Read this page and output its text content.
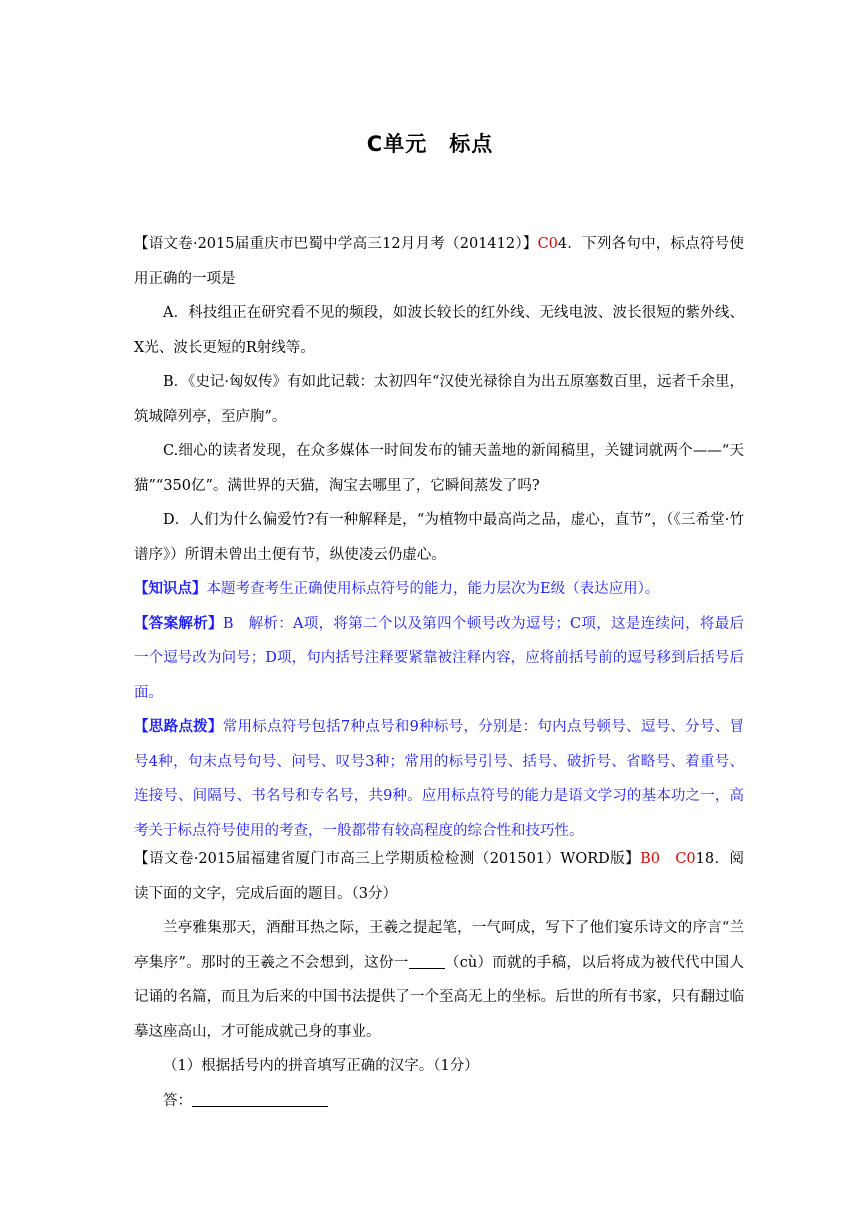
C单元　标点

【语文卷·2015届重庆市巴蜀中学高三12月月考（201412）】C04．下列各句中，标点符号使用正确的一项是

A．科技组正在研究看不见的频段，如波长较长的红外线、无线电波、波长很短的紫外线、X光、波长更短的R射线等。

B．《史记·匈奴传》有如此记载：太初四年“汉使光禄徐自为出五原塞数百里，远者千余里，筑城障列亭，至庐朐”。

C.细心的读者发现，在众多媒体一时间发布的铺天盖地的新闻稿里，关键词就两个——“天猫”“350亿”。满世界的天猫，淘宝去哪里了，它瞬间蒸发了吗?

D．人们为什么偏爱竹?有一种解释是，“为植物中最高尚之品，虚心，直节”，（《三希堂·竹谱序》）所谓未曾出土便有节，纵使凌云仍虚心。

【知识点】本题考查考生正确使用标点符号的能力，能力层次为E级（表达应用）。

【答案解析】B　解析：A项，将第二个以及第四个顿号改为逗号；C项，这是连续问，将最后一个逗号改为问号；D项，句内括号注释要紧靠被注释内容，应将前括号前的逗号移到后括号后面。

【思路点拨】常用标点符号包括7种点号和9种标号，分别是：句内点号顿号、逗号、分号、冒号4种，句末点号句号、问号、叹号3种；常用的标号引号、括号、破折号、省略号、着重号、连接号、间隔号、书名号和专名号，共9种。应用标点符号的能力是语文学习的基本功之一，高考关于标点符号使用的考查，一般都带有较高程度的综合性和技巧性。

【语文卷·2015届福建省厦门市高三上学期质检检测（201501）WORD版】B0　C018．阅读下面的文字，完成后面的题目。（3分）

兰亭雅集那天，酒酣耳热之际，王羲之提起笔，一气呵成，写下了他们宴乐诗文的序言“兰亭集序”。那时的王羲之不会想到，这份一 （cù）而就的手稿，以后将成为被代代中国人记诵的名篇，而且为后来的中国书法提供了一个至高无上的坐标。后世的所有书家，只有翻过临摹这座高山，才可能成就己身的事业。

（1）根据括号内的拼音填写正确的汉字。（1分）

答：
